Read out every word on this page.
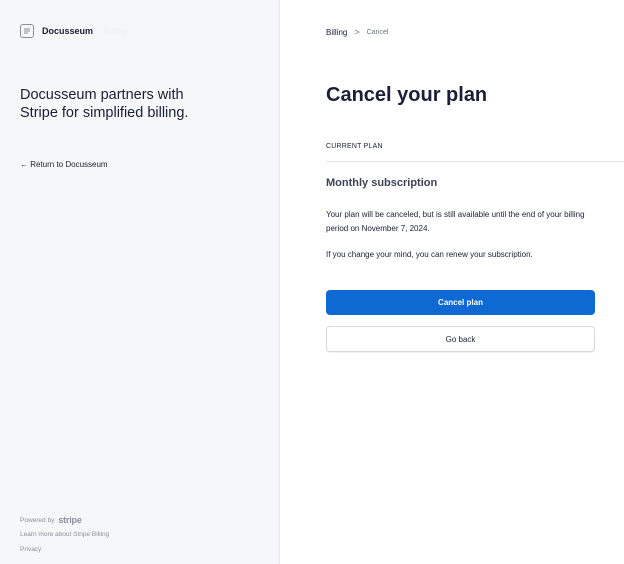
Docusseum Billing
Docusseum partners with Stripe for simplified billing.
← Return to Docusseum
Powered by stripe
Learn more about Stripe Billing
Privacy
Billing > Cancel
Cancel your plan
CURRENT PLAN
Monthly subscription

Your plan will be canceled, but is still available until the end of your billing period on November 7, 2024.

If you change your mind, you can renew your subscription.

Cancel plan
Go back
